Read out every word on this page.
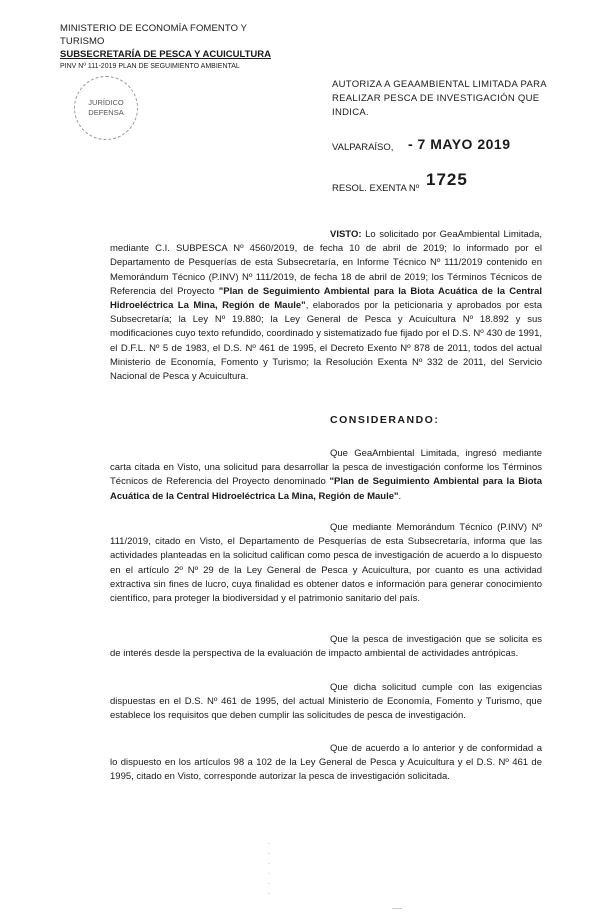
MINISTERIO DE ECONOMÍA FOMENTO Y TURISMO
SUBSECRETARÍA DE PESCA Y ACUICULTURA
PINV Nº 111-2019 PLAN DE SEGUIMIENTO AMBIENTAL
JURÍDICO
DEFENSA
AUTORIZA A GEAAMBIENTAL LIMITADA PARA
REALIZAR PESCA DE INVESTIGACIÓN QUE INDICA.
VALPARAÍSO, - 7 MAYO 2019
RESOL. EXENTA Nº 1725
VISTO: Lo solicitado por GeaAmbiental Limitada, mediante C.I. SUBPESCA Nº 4560/2019, de fecha 10 de abril de 2019; lo informado por el Departamento de Pesquerías de esta Subsecretaría, en Informe Técnico Nº 111/2019 contenido en Memorándum Técnico (P.INV) Nº 111/2019, de fecha 18 de abril de 2019; los Términos Técnicos de Referencia del Proyecto "Plan de Seguimiento Ambiental para la Biota Acuática de la Central Hidroeléctrica La Mina, Región de Maule", elaborados por la peticionaria y aprobados por esta Subsecretaría; la Ley Nº 19.880; la Ley General de Pesca y Acuicultura Nº 18.892 y sus modificaciones cuyo texto refundido, coordinado y sistematizado fue fijado por el D.S. Nº 430 de 1991, el D.F.L. Nº 5 de 1983, el D.S. Nº 461 de 1995, el Decreto Exento Nº 878 de 2011, todos del actual Ministerio de Economía, Fomento y Turismo; la Resolución Exenta Nº 332 de 2011, del Servicio Nacional de Pesca y Acuicultura.
CONSIDERANDO:
Que GeaAmbiental Limitada, ingresó mediante carta citada en Visto, una solicitud para desarrollar la pesca de investigación conforme los Términos Técnicos de Referencia del Proyecto denominado "Plan de Seguimiento Ambiental para la Biota Acuática de la Central Hidroeléctrica La Mina, Región de Maule".
Que mediante Memorándum Técnico (P.INV) Nº 111/2019, citado en Visto, el Departamento de Pesquerías de esta Subsecretaría, informa que las actividades planteadas en la solicitud califican como pesca de investigación de acuerdo a lo dispuesto en el artículo 2º Nº 29 de la Ley General de Pesca y Acuicultura, por cuanto es una actividad extractiva sin fines de lucro, cuya finalidad es obtener datos e información para generar conocimiento científico, para proteger la biodiversidad y el patrimonio sanitario del país.
Que la pesca de investigación que se solicita es de interés desde la perspectiva de la evaluación de impacto ambiental de actividades antrópicas.
Que dicha solicitud cumple con las exigencias dispuestas en el D.S. Nº 461 de 1995, del actual Ministerio de Economía, Fomento y Turismo, que establece los requisitos que deben cumplir las solicitudes de pesca de investigación.
Que de acuerdo a lo anterior y de conformidad a lo dispuesto en los artículos 98 a 102 de la Ley General de Pesca y Acuicultura y el D.S. Nº 461 de 1995, citado en Visto, corresponde autorizar la pesca de investigación solicitada.
.
.
.
.
.
.
___
